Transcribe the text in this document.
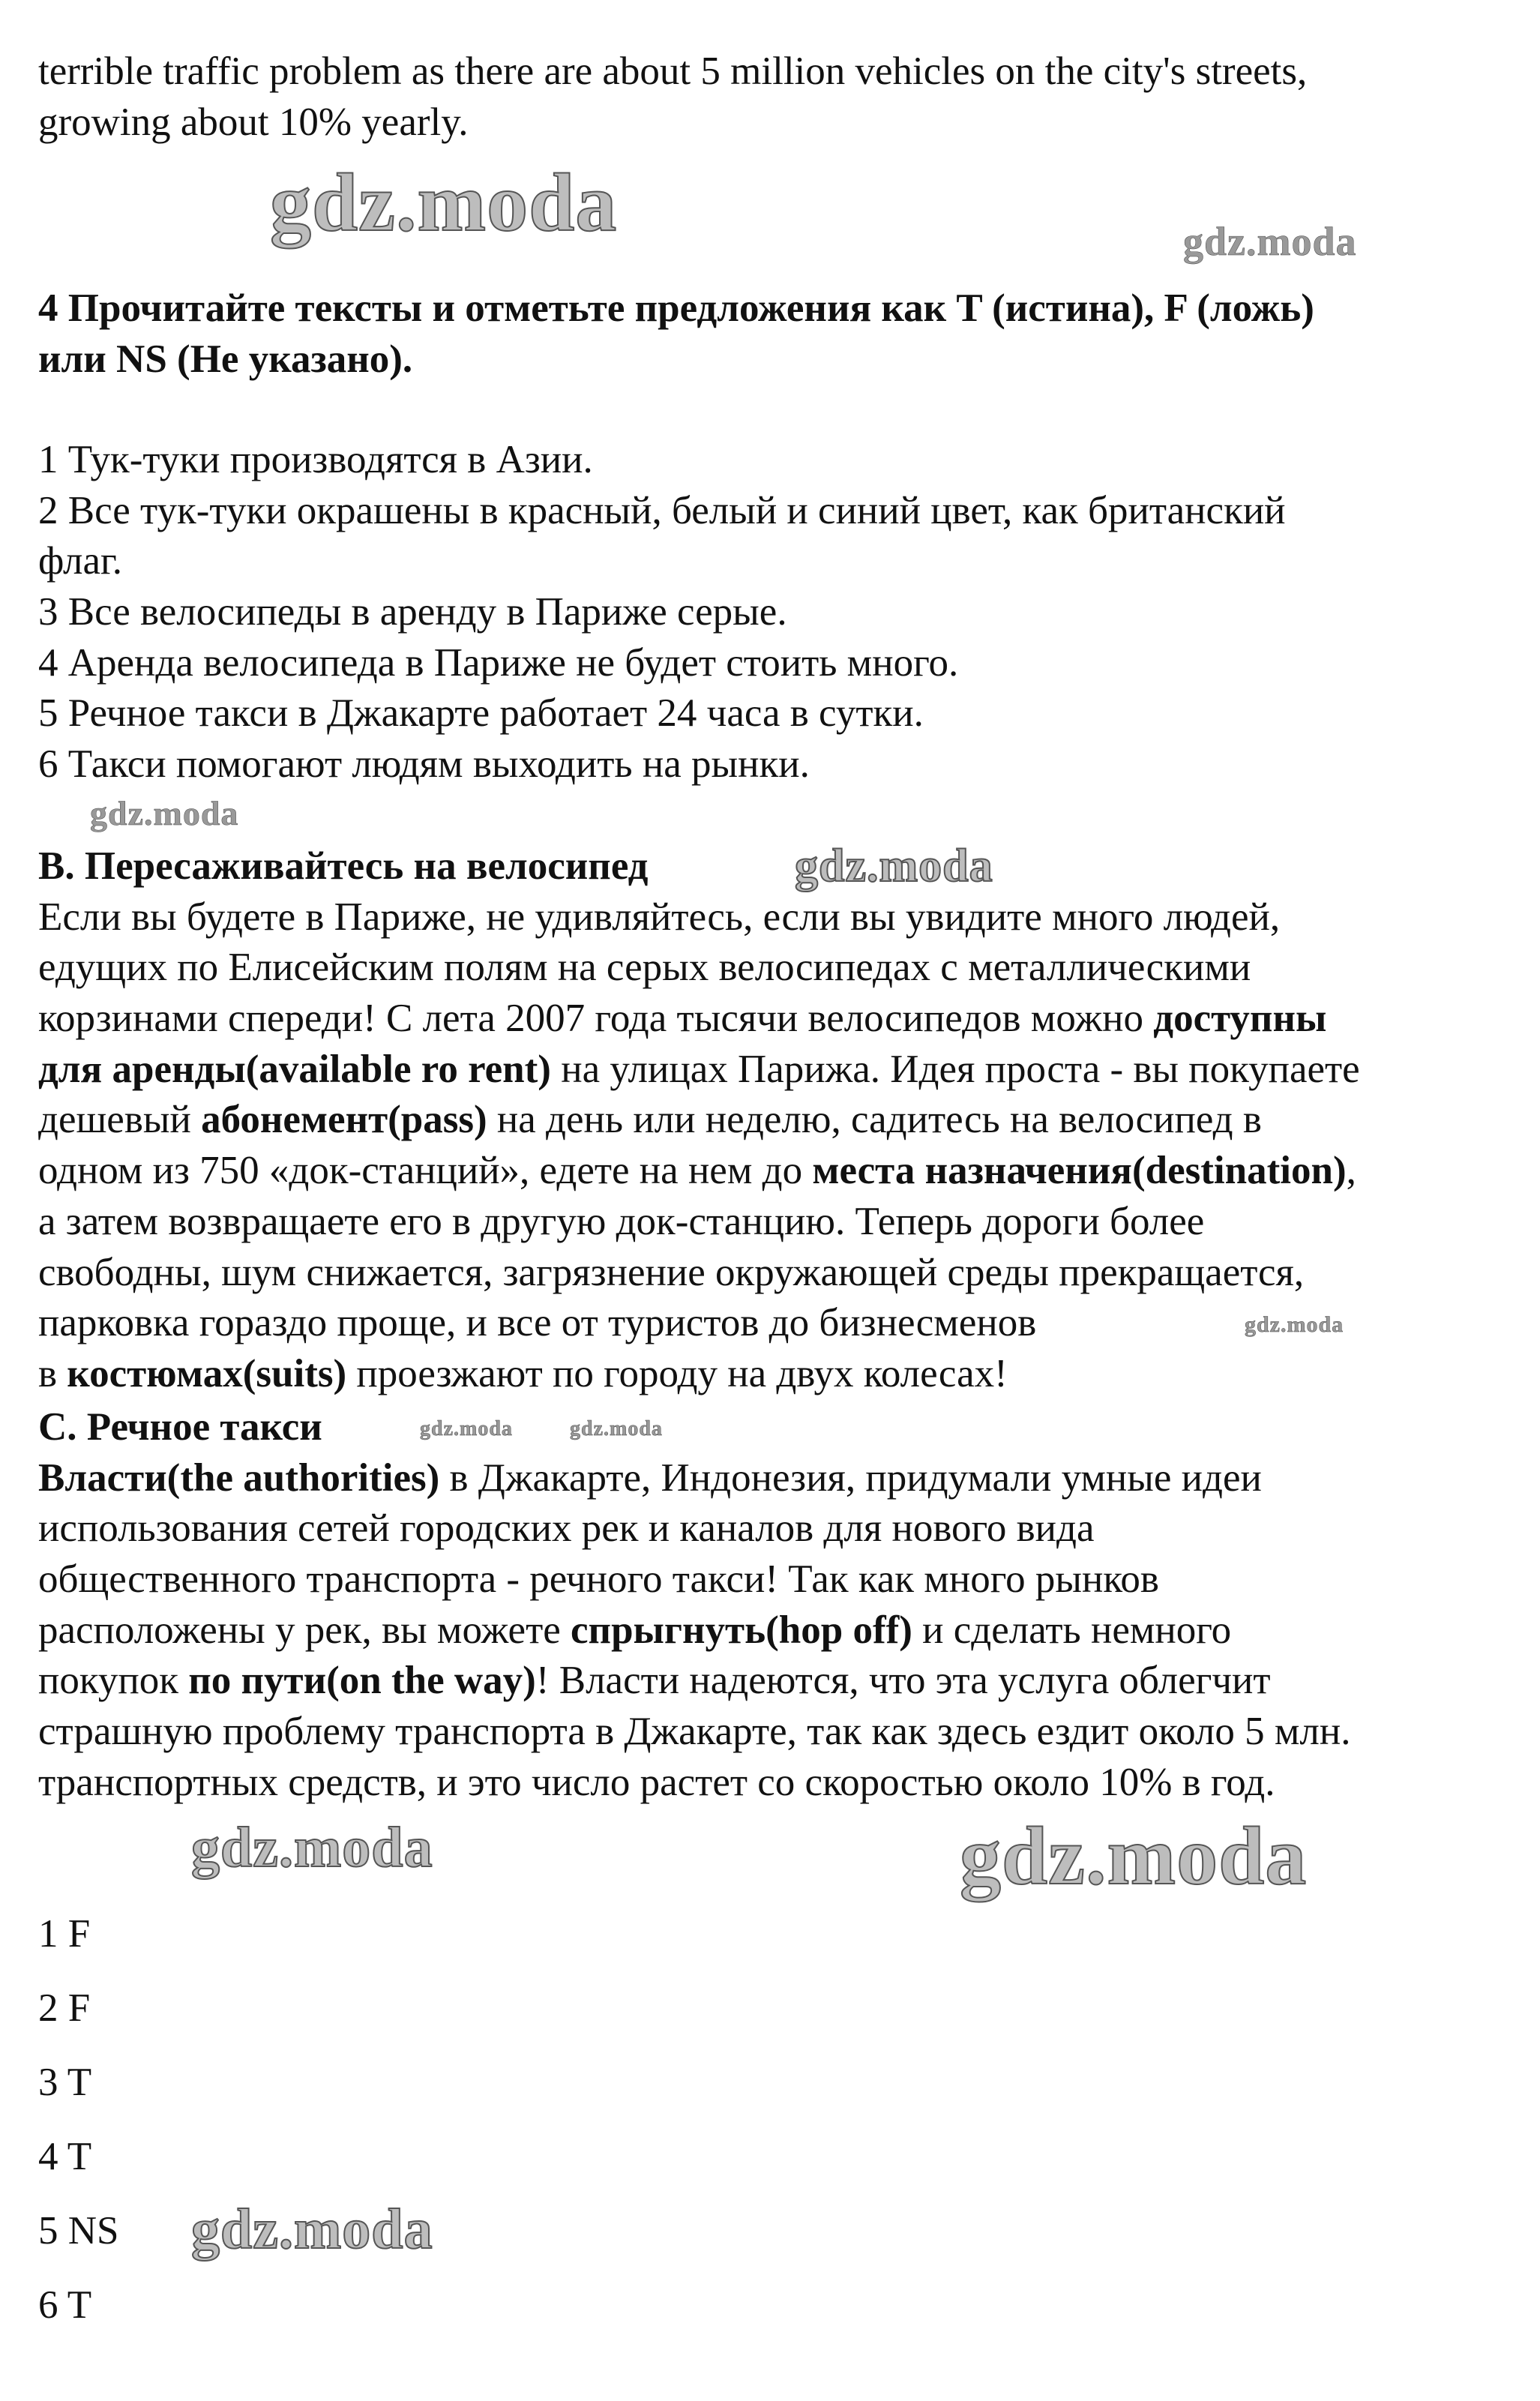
terrible traffic problem as there are about 5 million vehicles on the city's streets,
growing about 10% yearly.
4 Прочитайте тексты и отметьте предложения как T (истина), F (ложь)
или NS (Не указано).
1 Тук-туки производятся в Азии.
2 Все тук-туки окрашены в красный, белый и синий цвет, как британский
флаг.
3 Все велосипеды в аренду в Париже серые.
4 Аренда велосипеда в Париже не будет стоить много.
5 Речное такси в Джакарте работает 24 часа в сутки.
6 Такси помогают людям выходить на рынки.
B. Пересаживайтесь на велосипед
Если вы будете в Париже, не удивляйтесь, если вы увидите много людей,
едущих по Елисейским полям на серых велосипедах с металлическими
корзинами спереди! С лета 2007 года тысячи велосипедов можно доступны
для аренды(available ro rent) на улицах Парижа. Идея проста - вы покупаете
дешевый абонемент(pass) на день или неделю, садитесь на велосипед в
одном из 750 «док-станций», едете на нем до места назначения(destination),
а затем возвращаете его в другую док-станцию. Теперь дороги более
свободны, шум снижается, загрязнение окружающей среды прекращается,
парковка гораздо проще, и все от туристов до бизнесменов
в костюмах(suits) проезжают по городу на двух колесах!
C. Речное такси
Власти(the authorities) в Джакарте, Индонезия, придумали умные идеи
использования сетей городских рек и каналов для нового вида
общественного транспорта - речного такси! Так как много рынков
расположены у рек, вы можете спрыгнуть(hop off) и сделать немного
покупок по пути(on the way)! Власти надеются, что эта услуга облегчит
страшную проблему транспорта в Джакарте, так как здесь ездит около 5 млн.
транспортных средств, и это число растет со скоростью около 10% в год.
1 F
2 F
3 T
4 T
5 NS
6 T
gdz.moda	gdz.moda
gdz.moda
gdz.moda
gdz.moda
gdz.moda	gdz.moda
gdz.moda	gdz.moda
gdz.moda
